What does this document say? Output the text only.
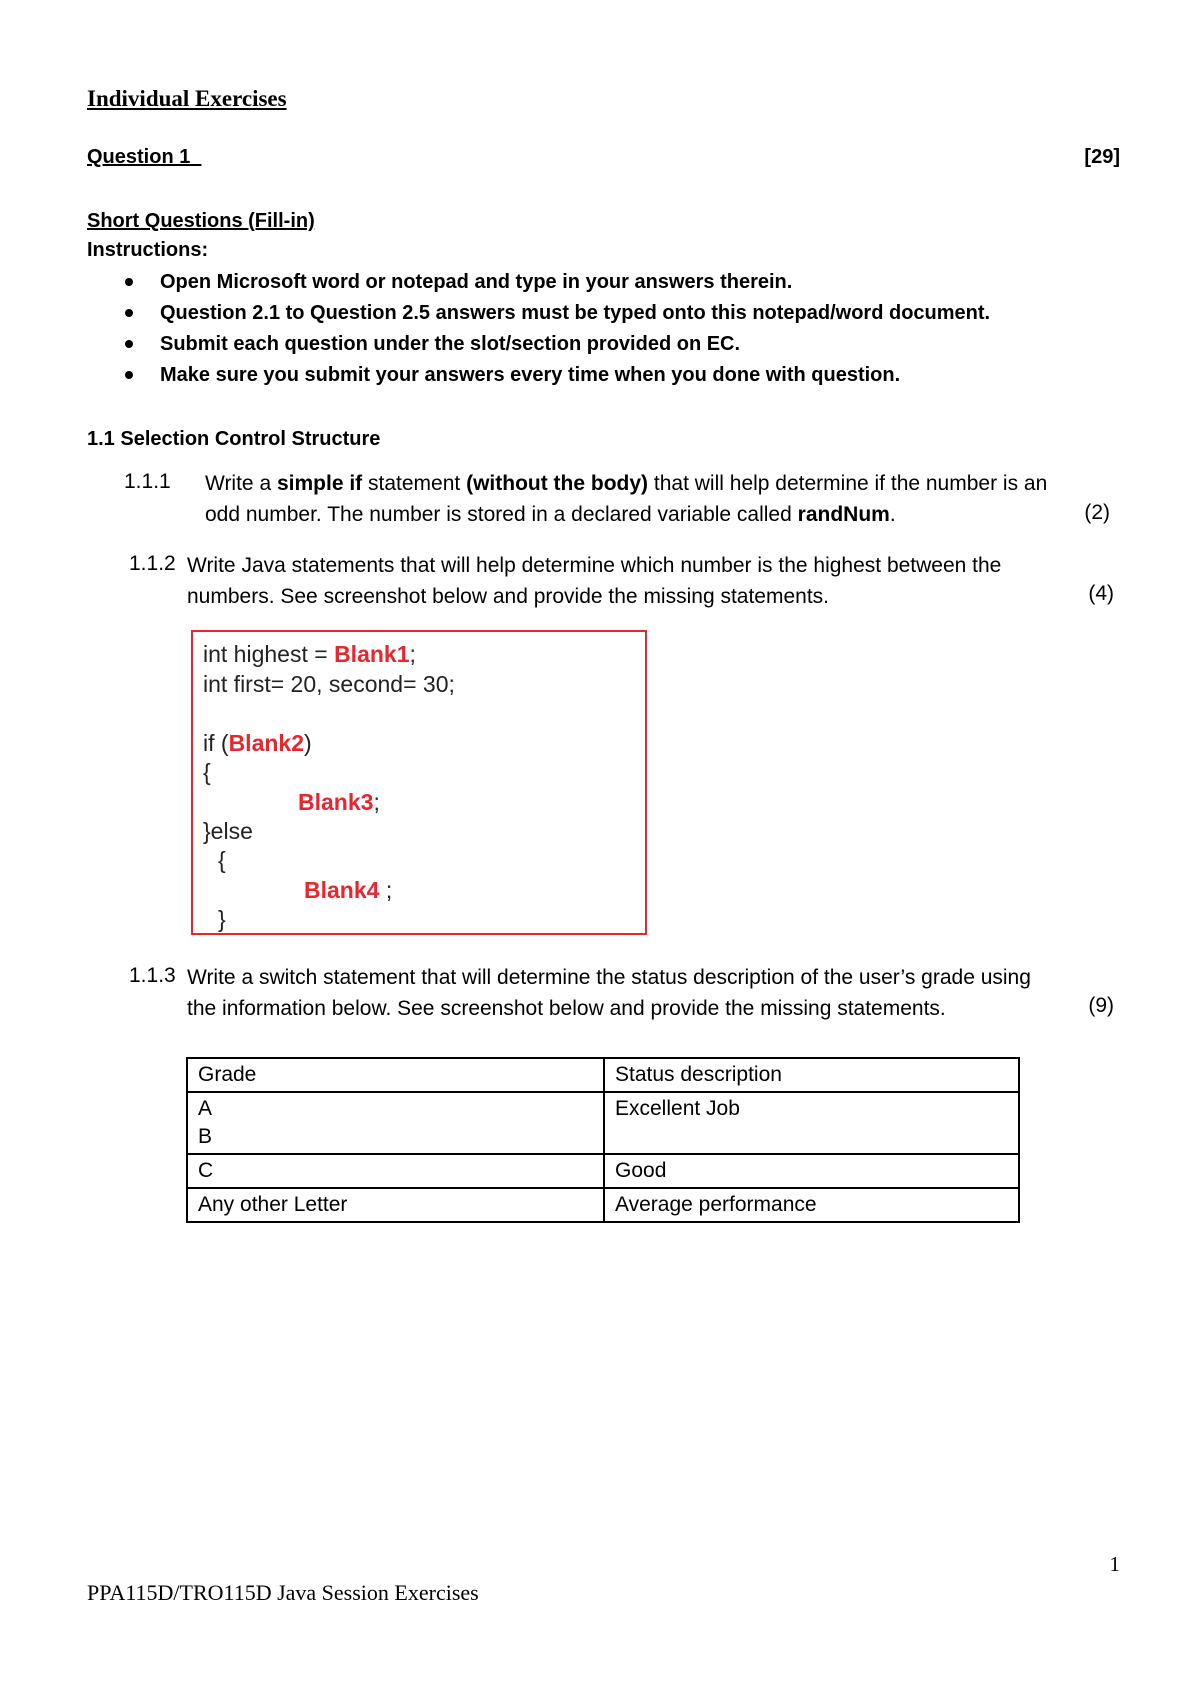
Individual Exercises
Question 1	[29]
Short Questions (Fill-in)
Instructions:
Open Microsoft word or notepad and type in your answers therein.
Question 2.1 to Question 2.5 answers must be typed onto this notepad/word document.
Submit each question under the slot/section provided on EC.
Make sure you submit your answers every time when you done with question.
1.1 Selection Control Structure
1.1.1 Write a simple if statement (without the body) that will help determine if the number is an
odd number. The number is stored in a declared variable called randNum.	(2)
1.1.2 Write Java statements that will help determine which number is the highest between the
numbers. See screenshot below and provide the missing statements.	(4)
int highest = Blank1;
int first= 20, second= 30;
if (Blank2)
{
Blank3;
}else
{
Blank4 ;
}
1.1.3 Write a switch statement that will determine the status description of the user’s grade using
the information below. See screenshot below and provide the missing statements.	(9)
Grade	Status description
A
B	Excellent Job
C	Good
Any other Letter	Average performance
1
PPA115D/TRO115D Java Session Exercises
